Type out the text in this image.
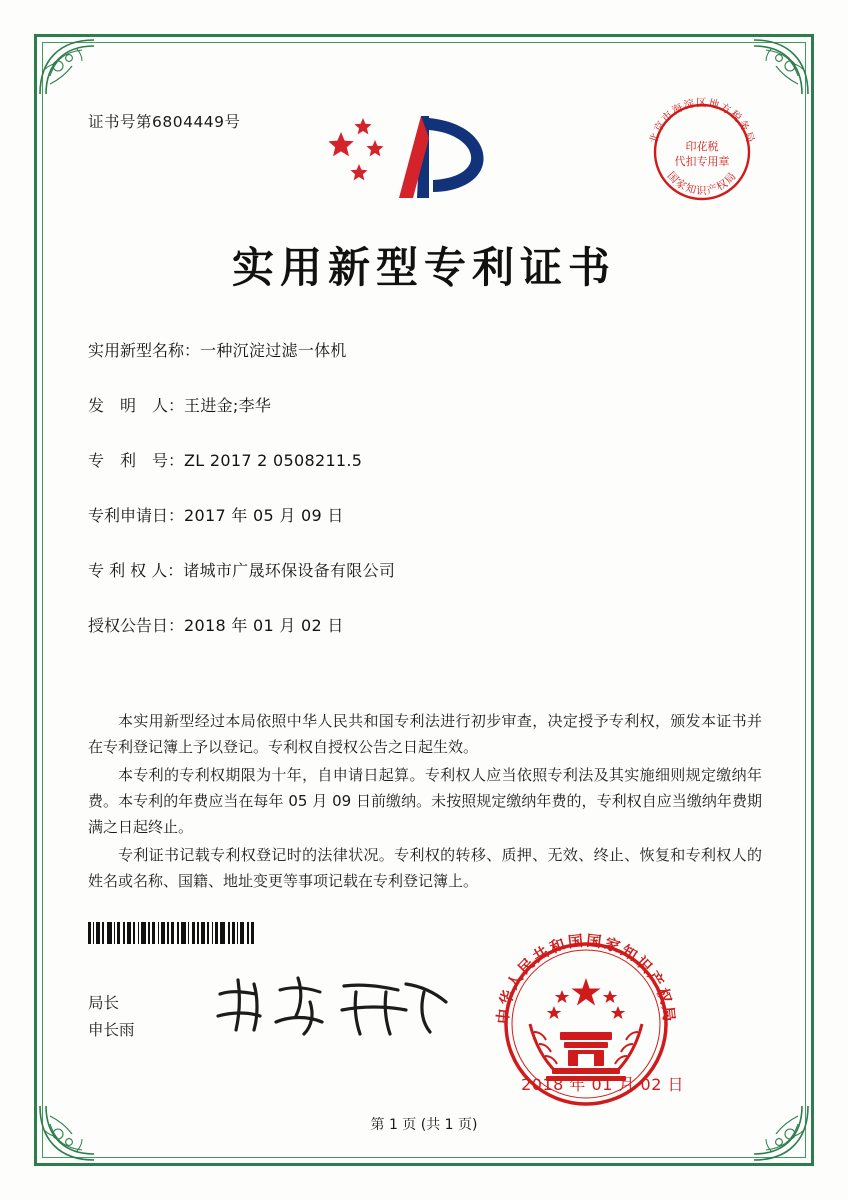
证书号第6804449号
北京市海淀区地方税务局
国家知识产权局
印花税
代扣专用章
实用新型专利证书
实用新型名称：一种沉淀过滤一体机
发　明　人：王进金;李华
专　利　号：ZL 2017 2 0508211.5
专利申请日：2017 年 05 月 09 日
专 利 权 人：诸城市广晟环保设备有限公司
授权公告日：2018 年 01 月 02 日

本实用新型经过本局依照中华人民共和国专利法进行初步审查，决定授予专利权，颁发本证书并在专利登记簿上予以登记。专利权自授权公告之日起生效。

本专利的专利权期限为十年，自申请日起算。专利权人应当依照专利法及其实施细则规定缴纳年费。本专利的年费应当在每年 05 月 09 日前缴纳。未按照规定缴纳年费的，专利权自应当缴纳年费期满之日起终止。

专利证书记载专利权登记时的法律状况。专利权的转移、质押、无效、终止、恢复和专利权人的姓名或名称、国籍、地址变更等事项记载在专利登记簿上。

局长
申长雨
中华人民共和国国家知识产权局
2018 年 01 月 02 日
第 1 页 (共 1 页)
